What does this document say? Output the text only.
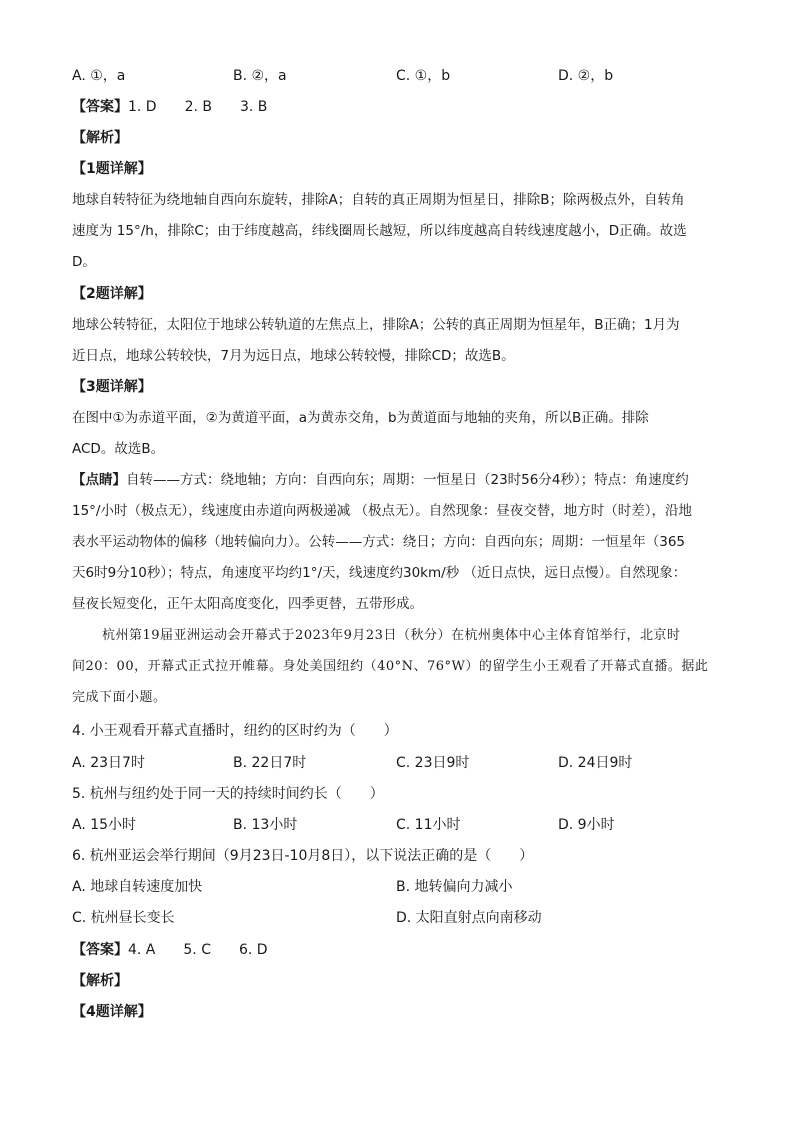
A. ①，a	B. ②，a	C. ①，b	D. ②，b
【答案】1. D　　2. B　　3. B
【解析】
【1题详解】
地球自转特征为绕地轴自西向东旋转，排除A；自转的真正周期为恒星日，排除B；除两极点外，自转角
速度为 15°/h，排除C；由于纬度越高，纬线圈周长越短，所以纬度越高自转线速度越小，D正确。故选
D。
【2题详解】
地球公转特征，太阳位于地球公转轨道的左焦点上，排除A；公转的真正周期为恒星年，B正确；1月为
近日点，地球公转较快，7月为远日点，地球公转较慢，排除CD；故选B。
【3题详解】
在图中①为赤道平面，②为黄道平面，a为黄赤交角，b为黄道面与地轴的夹角，所以B正确。排除
ACD。故选B。
【点睛】自转——方式：绕地轴；方向：自西向东；周期：一恒星日（23时56分4秒）；特点：角速度约
15°/小时（极点无），线速度由赤道向两极递减 （极点无）。自然现象：昼夜交替，地方时（时差），沿地
表水平运动物体的偏移（地转偏向力）。公转——方式：绕日；方向：自西向东；周期：一恒星年（365
天6时9分10秒）；特点，角速度平均约1°/天，线速度约30km/秒 （近日点快，远日点慢）。自然现象：
昼夜长短变化，正午太阳高度变化，四季更替，五带形成。
杭州第19届亚洲运动会开幕式于2023年9月23日（秋分）在杭州奥体中心主体育馆举行，北京时
间20：00，开幕式正式拉开帷幕。身处美国纽约（40°N、76°W）的留学生小王观看了开幕式直播。据此
完成下面小题。
4. 小王观看开幕式直播时，纽约的区时约为（　　）
A. 23日7时	B. 22日7时	C. 23日9时	D. 24日9时
5. 杭州与纽约处于同一天的持续时间约长（　　）
A. 15小时	B. 13小时	C. 11小时	D. 9小时
6. 杭州亚运会举行期间（9月23日-10月8日），以下说法正确的是（　　）
A. 地球自转速度加快	B. 地转偏向力减小
C. 杭州昼长变长	D. 太阳直射点向南移动
【答案】4. A　　5. C　　6. D
【解析】
【4题详解】
